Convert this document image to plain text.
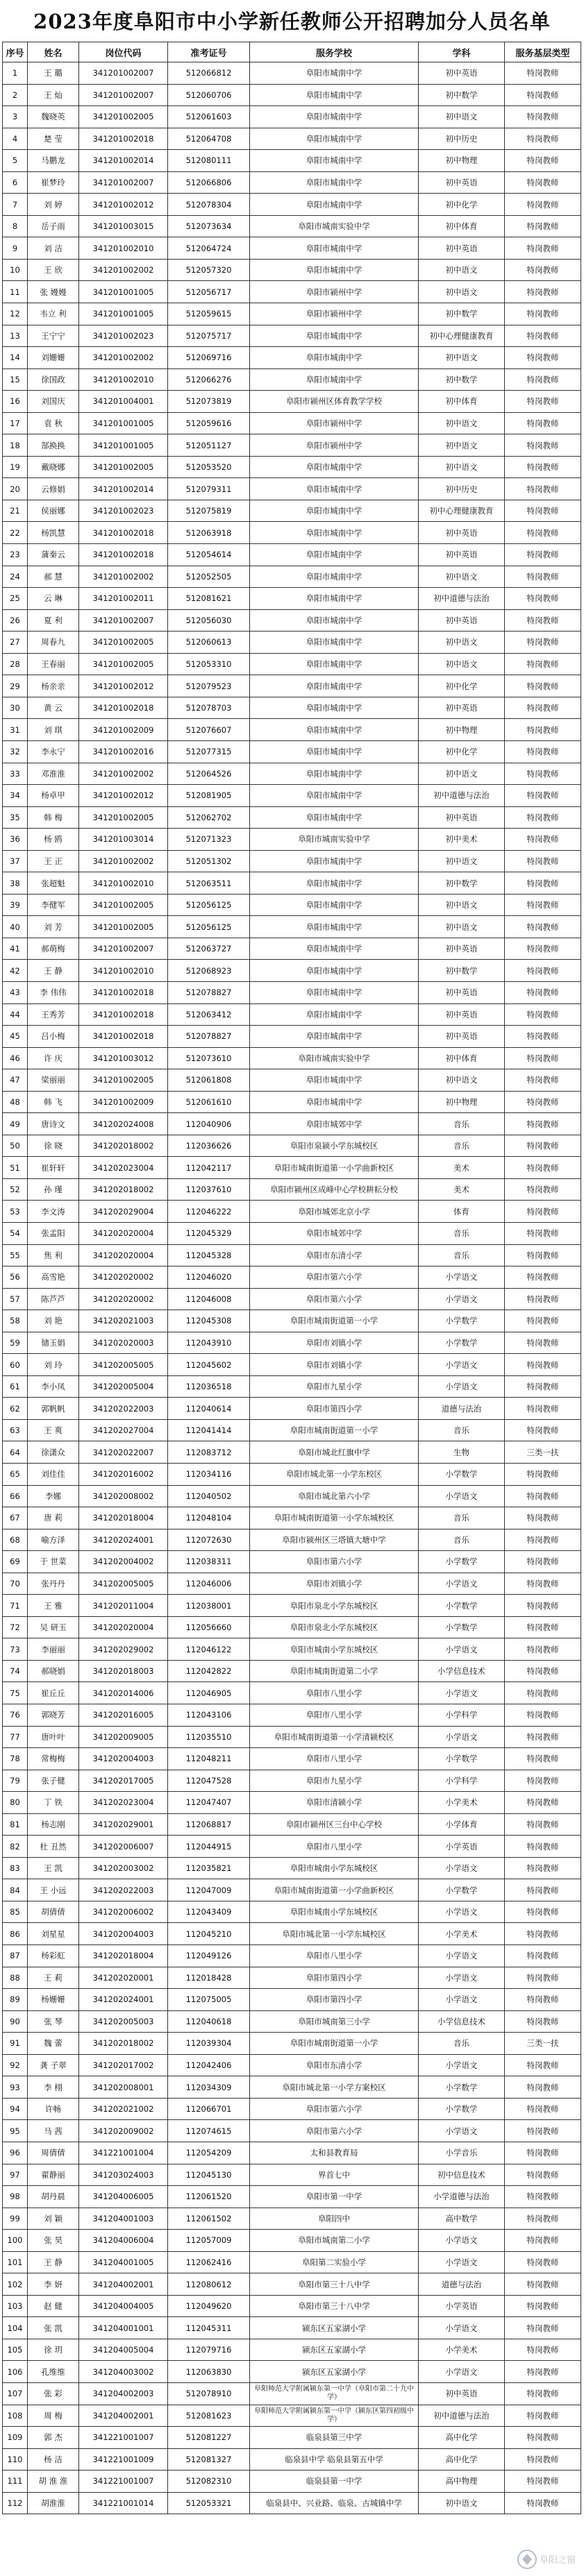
2023年度阜阳市中小学新任教师公开招聘加分人员名单
序号	姓名	岗位代码	准考证号	服务学校	学科	服务基层类型
1	王 璐	341201002007	512066812	阜阳市城南中学	初中英语	特岗教师
2	王 灿	341201002007	512060706	阜阳市城南中学	初中数学	特岗教师
3	魏晓英	341201002005	512061603	阜阳市城南中学	初中语文	特岗教师
4	楚 莹	341201002018	512064708	阜阳市城南中学	初中历史	特岗教师
5	马鹏龙	341201002014	512080111	阜阳市城南中学	初中物理	特岗教师
6	崔梦玲	341201002007	512066806	阜阳市城南中学	初中英语	特岗教师
7	刘 婷	341201002012	512078304	阜阳市城南中学	初中化学	特岗教师
8	岳子雨	341201003015	512073634	阜阳市城南实验中学	初中体育	特岗教师
9	刘 洁	341201002010	512064724	阜阳市城南中学	初中英语	特岗教师
10	王 欣	341201002002	512057320	阜阳市城南中学	初中语文	特岗教师
11	张 嫚嫚	341201001005	512056717	阜阳市颍州中学	初中语文	特岗教师
12	韦立 利	341201001005	512059615	阜阳市颍州中学	初中数学	特岗教师
13	王宁宁	341201002023	512075717	阜阳市城南中学	初中心理健康教育	特岗教师
14	刘姗姗	341201002002	512069716	阜阳市城南中学	初中语文	特岗教师
15	徐国政	341201002010	512066276	阜阳市城南中学	初中数学	特岗教师
16	刘国庆	341201004001	512073819	阜阳市颍州区体育教学学校	初中体育	特岗教师
17	袁 秋	341201001005	512059616	阜阳市颍州中学	初中语文	特岗教师
18	郜换换	341201001005	512051127	阜阳市颍州中学	初中语文	特岗教师
19	戴晓娜	341201002005	512053520	阜阳市城南中学	初中语文	特岗教师
20	云修娟	341201002014	512079311	阜阳市城南中学	初中历史	特岗教师
21	侯丽娜	341201002023	512075819	阜阳市城南中学	初中心理健康教育	特岗教师
22	杨凯慧	341201002018	512063918	阜阳市城南中学	初中英语	特岗教师
23	蒲秦云	341201002018	512054614	阜阳市城南中学	初中英语	特岗教师
24	郝 慧	341201002002	512052505	阜阳市城南中学	初中语文	特岗教师
25	云 琳	341201002011	512081621	阜阳市城南中学	初中道德与法治	特岗教师
26	夏 利	341201002007	512056030	阜阳市城南中学	初中英语	特岗教师
27	周春九	341201002005	512060613	阜阳市城南中学	初中语文	特岗教师
28	王春丽	341201002005	512053310	阜阳市城南中学	初中语文	特岗教师
29	杨亲亲	341201002012	512079523	阜阳市城南中学	初中化学	特岗教师
30	黄 云	341201002018	512078703	阜阳市城南中学	初中英语	特岗教师
31	刘 琪	341201002009	512076607	阜阳市城南中学	初中物理	特岗教师
32	李永宁	341201002016	512077315	阜阳市城南中学	初中化学	特岗教师
33	邓淮淮	341201002002	512064526	阜阳市城南中学	初中语文	特岗教师
34	杨卓甲	341201002012	512081905	阜阳市城南中学	初中道德与法治	特岗教师
35	韩 梅	341201002005	512062702	阜阳市城南中学	初中英语	特岗教师
36	杨 鸥	341201003014	512071323	阜阳市城南实验中学	初中美术	特岗教师
37	王 正	341201002002	512051302	阜阳市城南中学	初中语文	特岗教师
38	张超魁	341201002010	512063511	阜阳市城南中学	初中数学	特岗教师
39	李健军	341201002005	512056125	阜阳市城南中学	初中语文	特岗教师
40	刘 芳	341201002005	512056125	阜阳市城南中学	初中语文	特岗教师
41	郝萌梅	341201002007	512063727	阜阳市城南中学	初中英语	特岗教师
42	王 静	341201002010	512068923	阜阳市城南中学	初中数学	特岗教师
43	李 伟伟	341201002018	512078827	阜阳市城南中学	初中英语	特岗教师
44	王秀芳	341201002018	512063412	阜阳市城南中学	初中英语	特岗教师
45	吕小梅	341201002018	512078827	阜阳市城南中学	初中英语	特岗教师
46	许 庆	341201003012	512073610	阜阳市城南实验中学	初中体育	特岗教师
47	梁丽丽	341201002005	512061808	阜阳市城南中学	初中语文	特岗教师
48	韩 飞	341201002009	512061610	阜阳市城南中学	初中物理	特岗教师
49	唐诗文	341202024008	112040906	阜阳市城郊中学	音乐	特岗教师
50	徐 晓	341202018002	112036626	阜阳市泉颍小学东城校区	音乐	特岗教师
51	崔轩轩	341202023004	112042117	阜阳市城南街道第一小学曲新校区	美术	特岗教师
52	孙 瑾	341202018002	112037610	阜阳市颍州区成峰中心学校耕耘分校	美术	特岗教师
53	李文涛	341202029004	112046222	阜阳市城郊北京小学	体育	特岗教师
54	张孟阳	341202020004	112045329	阜阳市城郊中学	音乐	特岗教师
55	焦 利	341202020004	112045328	阜阳市东清小学	音乐	特岗教师
56	高雪艳	341202020002	112046020	阜阳市第六小学	小学语文	特岗教师
57	陈芦芦	341202020002	112046008	阜阳市第六小学	小学语文	特岗教师
58	刘 艳	341202021003	112045308	阜阳市城南街道第一小学	小学数学	特岗教师
59	储玉娟	341202020003	112043910	阜阳市刘镇小学	小学数学	特岗教师
60	刘 玲	341202005005	112045602	阜阳市刘镇小学	小学语文	特岗教师
61	李小凤	341202005004	112036518	阜阳市九星小学	小学语文	特岗教师
62	郭帆帆	341202022003	112040614	阜阳市第四小学	道德与法治	特岗教师
63	王 爽	341202027004	112041414	阜阳市城南街道第一小学	音乐	特岗教师
64	徐潇众	341202022007	112083712	阜阳市城北红旗中学	生物	三类一扶
65	刘佳佳	341202016002	112034116	阜阳市城北第一小学东校区	小学数学	特岗教师
66	李娜	341202008002	112040502	阜阳市城北第六小学	小学语文	特岗教师
67	唐 莉	341202018004	112048104	阜阳市城南街道第一小学东城校区	音乐	特岗教师
68	喻方泽	341202024001	112072630	阜阳市颍州区三塔镇大塘中学	音乐	特岗教师
69	于 世菜	341202004002	112038311	阜阳市第六小学	小学数学	特岗教师
70	张丹丹	341202005005	112046006	阜阳市刘镇小学	小学语文	特岗教师
71	王 雅	341202011004	112038001	阜阳市泉北小学东城校区	小学数学	特岗教师
72	吴 研玉	341202020004	112056660	阜阳市泉北小学东城校区	小学数学	特岗教师
73	李丽丽	341202029002	112046122	阜阳市城南小学东城校区	小学语文	特岗教师
74	郝晓娟	341202018003	112042822	阜阳市城南街道第二小学	小学信息技术	特岗教师
75	崔丘丘	341202014006	112046905	阜阳市八里小学	小学语文	特岗教师
76	郭晓芳	341202016005	112043106	阜阳市八里小学	小学科学	特岗教师
77	唐叶叶	341202009005	112035510	阜阳市城南街道第一小学清颍校区	小学语文	特岗教师
78	常梅梅	341202004003	112048211	阜阳市八里小学	小学数学	特岗教师
79	张子健	341202017005	112047528	阜阳市九星小学	小学科学	特岗教师
80	丁 铁	341202023004	112047407	阜阳市清颍小学	小学美术	特岗教师
81	杨志刚	341202029001	112068817	阜阳市颍州区三台中心学校	小学体育	特岗教师
82	杜 丑然	341202006007	112044915	阜阳市八里小学	小学英语	特岗教师
83	王 凯	341202003002	112035821	阜阳市城南小学东城校区	小学语文	特岗教师
84	王 小远	341202022003	112047009	阜阳市城南街道第一小学曲新校区	小学数学	特岗教师
85	胡倩倩	341202006002	112043409	阜阳市城南小学东城校区	小学语文	特岗教师
86	刘星星	341202004003	112045210	阜阳市城北第一小学东城校区	小学美术	特岗教师
87	杨彩虹	341202018004	112049126	阜阳市八里小学	小学语文	特岗教师
88	王 莉	341202020001	112018428	阜阳市第四小学	小学语文	特岗教师
89	杨姗姗	341202024001	112075005	阜阳市第四小学	小学语文	特岗教师
90	张 琴	341202005003	112040618	阜阳市城南第三小学	小学信息技术	特岗教师
91	魏 蕾	341202018002	112039304	阜阳市城南街道第一小学	音乐	三类一扶
92	龚 子翠	341202017002	112042406	阜阳市东清小学	小学语文	特岗教师
93	李 栩	341202008001	112034309	阜阳市城北第一小学方案校区	小学数学	特岗教师
94	许畅	341202021002	112066701	阜阳市第六小学	小学数学	特岗教师
95	马 茜	341202009002	112074615	阜阳市第六小学	小学语文	特岗教师
96	周倩倩	341221001004	112054209	太和县教育局	小学音乐	特岗教师
97	翟静丽	341203024003	112045130	界首七中	初中信息技术	特岗教师
98	胡丹晨	341204006005	112061520	阜阳市第一中学	小学道德与法治	特岗教师
99	刘 颖	341204001003	112061502	阜阳四中	高中数学	特岗教师
100	张 昊	341204006004	112057009	阜阳市城南第二小学	小学语文	特岗教师
101	王 静	341204001005	112062416	阜阳第二实验小学	小学语文	特岗教师
102	李 妍	341204002001	112080612	阜阳市第三十八中学	道德与法治	特岗教师
103	赵 健	341204004005	112049620	阜阳市第三十八中学	小学英语	特岗教师
104	张 凯	341204001001	112045311	颍东区五家湖小学	小学语文	特岗教师
105	徐 玥	341204005004	112079716	颍东区五家湖小学	小学美术	特岗教师
106	孔维维	341204003002	112063830	颍东区五家湖小学	小学语文	特岗教师
107	张 彩	341204002003	512078910	阜阳师范大学附属颍东第一中学（阜阳市第二十九中学）	初中英语	特岗教师
108	周 梅	341204002001	512081623	阜阳师范大学附属颍东第一中学（颍东区第四初级中学）	初中道德与法治	特岗教师
109	郭 杰	341221001007	512081227	临泉县第三中学	高中化学	特岗教师
110	杨 洁	341221001009	512081327	临泉县中学 临泉县第五中学	高中化学	特岗教师
111	胡 淮 淮	341221001007	512082310	临泉县第一中学	高中物理	特岗教师
112	胡淮淮	341221001014	512053321	临泉县中、兴业路、临泉、古城镇中学	初中语文	特岗教师
阜阳之窗
